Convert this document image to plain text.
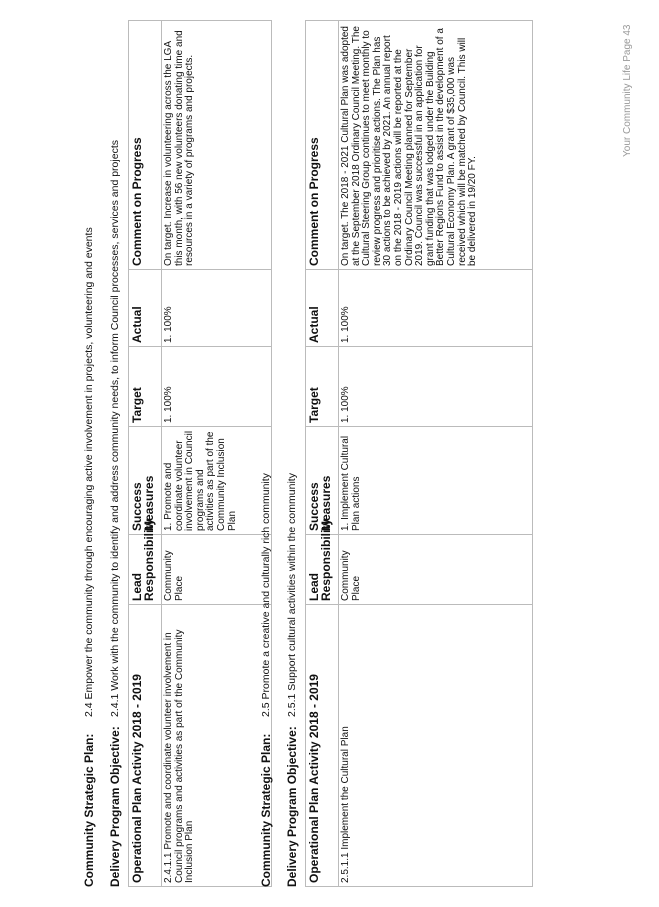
Community Strategic Plan:
2.4 Empower the community through encouraging active involvement in projects, volunteering and events
Delivery Program Objective:
2.4.1 Work with the community to identify and address community needs, to inform Council processes, services and projects
Operational Plan Activity 2018 - 2019	Lead Responsibility	Success Measures	Target	Actual	Comment on Progress
2.4.1.1 Promote and coordinate volunteer involvement in Council programs and activities as part of the Community Inclusion Plan	Community Place	1. Promote and coordinate volunteer involvement in Council programs and activities as part of the Community Inclusion Plan	1. 100%	1. 100%	On target. Increase in volunteering across the LGA this month, with 56 new volunteers donating time and resources in a variety of programs and projects.
Community Strategic Plan:
2.5 Promote a creative and culturally rich community
Delivery Program Objective:
2.5.1 Support cultural activities within the community
Operational Plan Activity 2018 - 2019	Lead Responsibility	Success Measures	Target	Actual	Comment on Progress
2.5.1.1 Implement the Cultural Plan	Community Place	1. Implement Cultural Plan actions	1. 100%	1. 100%	On target. The 2018 - 2021 Cultural Plan was adopted at the September 2018 Ordinary Council Meeting. The Cultural Steering Group continues to meet monthly to review progress and prioritise actions. The Plan has 30 actions to be achieved by 2021. An annual report on the 2018 - 2019 actions will be reported at the Ordinary Council Meeting planned for September 2019. Council was successful in an application for grant funding that was lodged under the Building Better Regions Fund to assist in the development of a Cultural Economy Plan. A grant of $35,000 was received which will be matched by Council. This will be delivered in 19/20 FY.
Your Community Life Page 43
